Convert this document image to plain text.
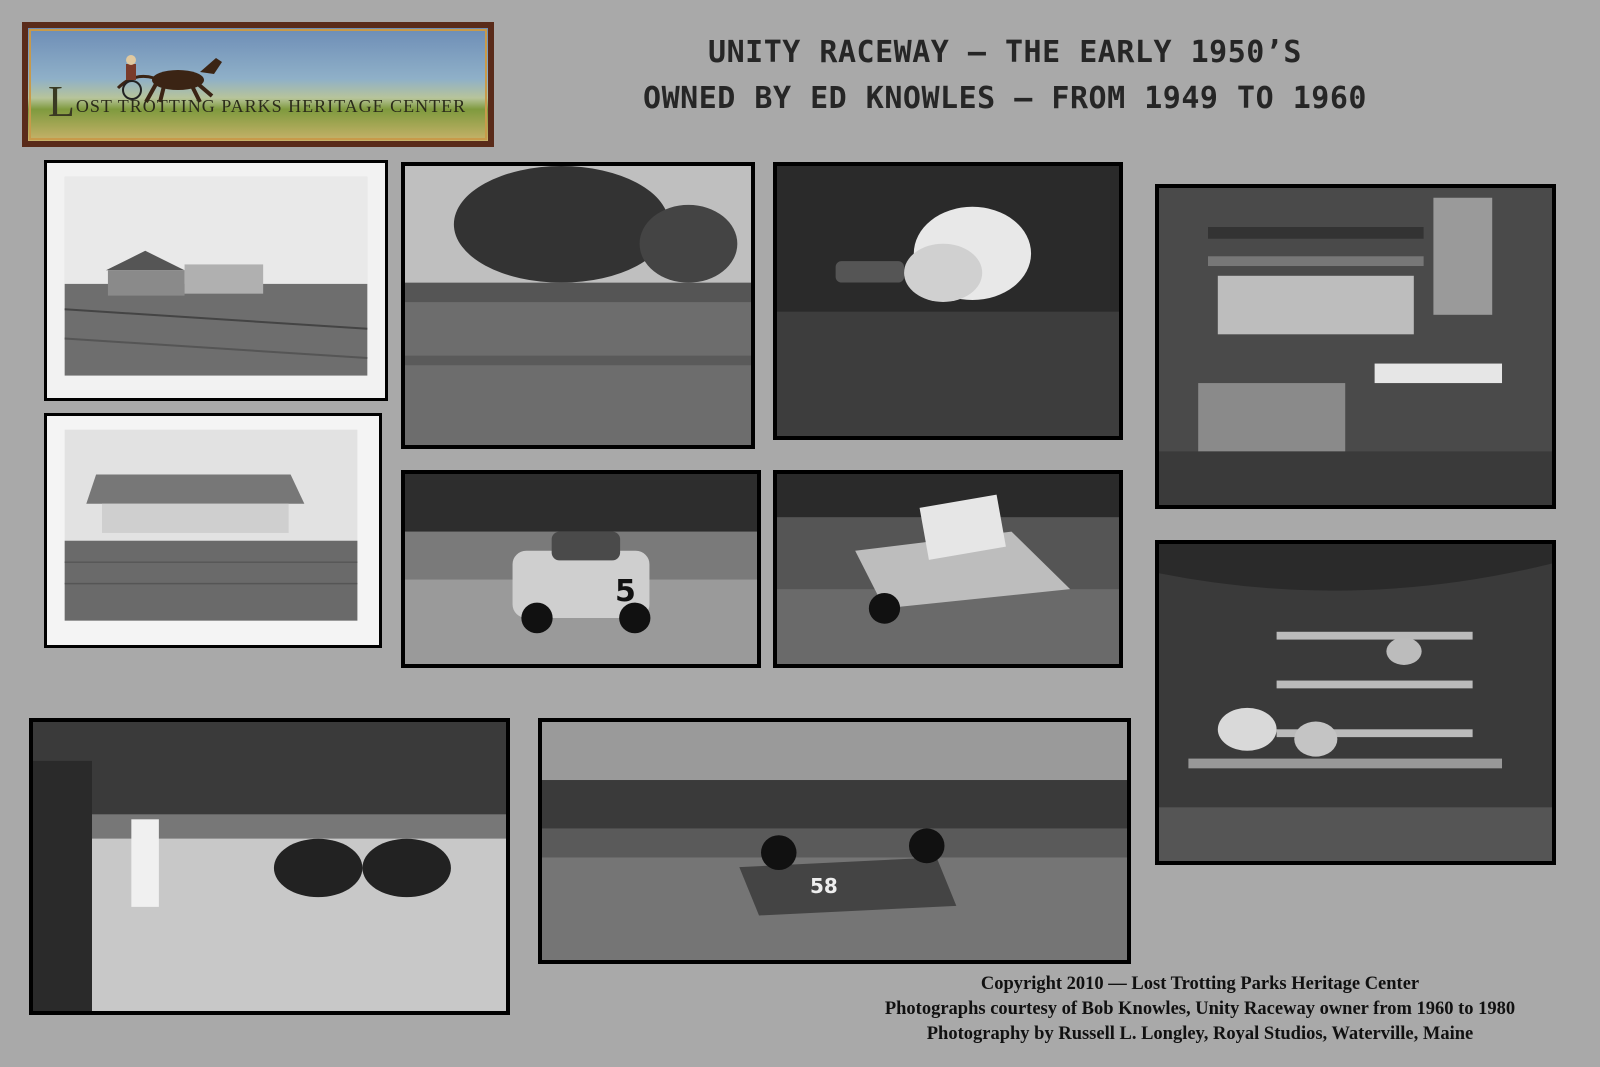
LOST TROTTING PARKS HERITAGE CENTER
UNITY RACEWAY — THE EARLY 1950’S
OWNED BY ED KNOWLES — FROM 1949 TO 1960
5
58
Copyright 2010 — Lost Trotting Parks Heritage Center
Photographs courtesy of Bob Knowles, Unity Raceway owner from 1960 to 1980
Photography by Russell L. Longley, Royal Studios, Waterville, Maine
